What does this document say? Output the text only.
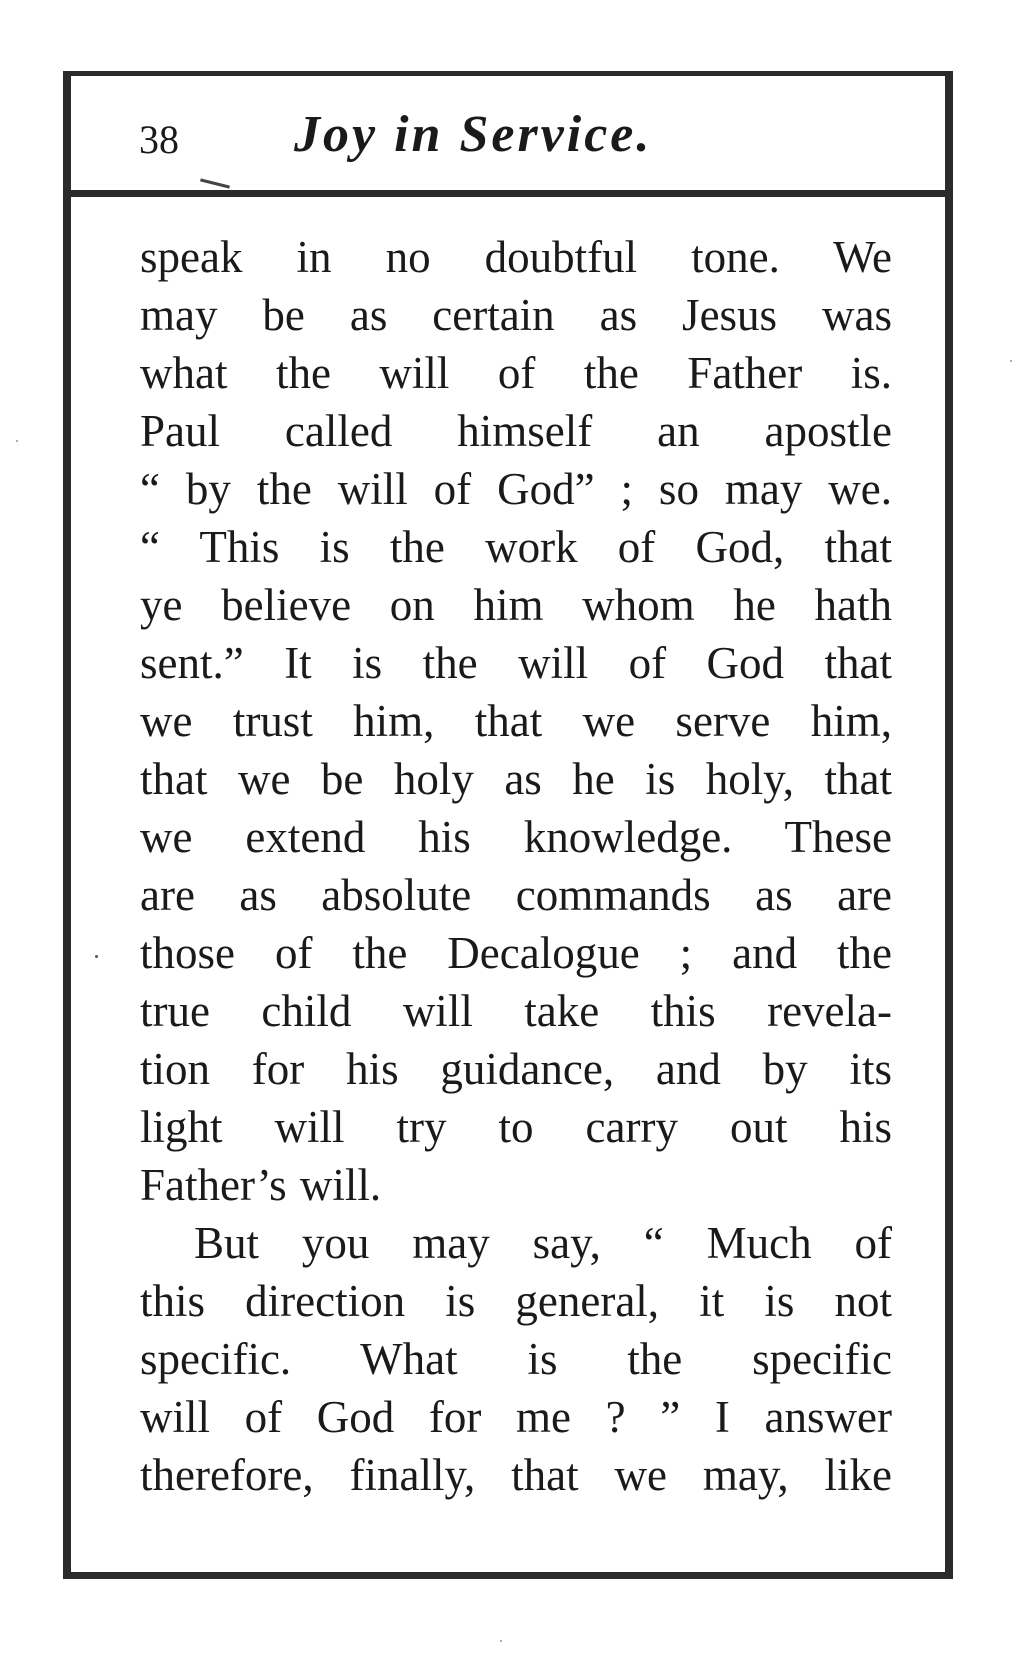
38 Joy in Service.
speak in no doubtful tone. We
may be as certain as Jesus was
what the will of the Father is.
Paul called himself an apostle
“ by the will of God” ; so may we.
“ This is the work of God, that
ye believe on him whom he hath
sent.” It is the will of God that
we trust him, that we serve him,
that we be holy as he is holy, that
we extend his knowledge. These
are as absolute commands as are
those of the Decalogue ; and the
true child will take this revela-
tion for his guidance, and by its
light will try to carry out his
Father’s will.
But you may say, “ Much of
this direction is general, it is not
specific. What is the specific
will of God for me ? ” I answer
therefore, finally, that we may, like
